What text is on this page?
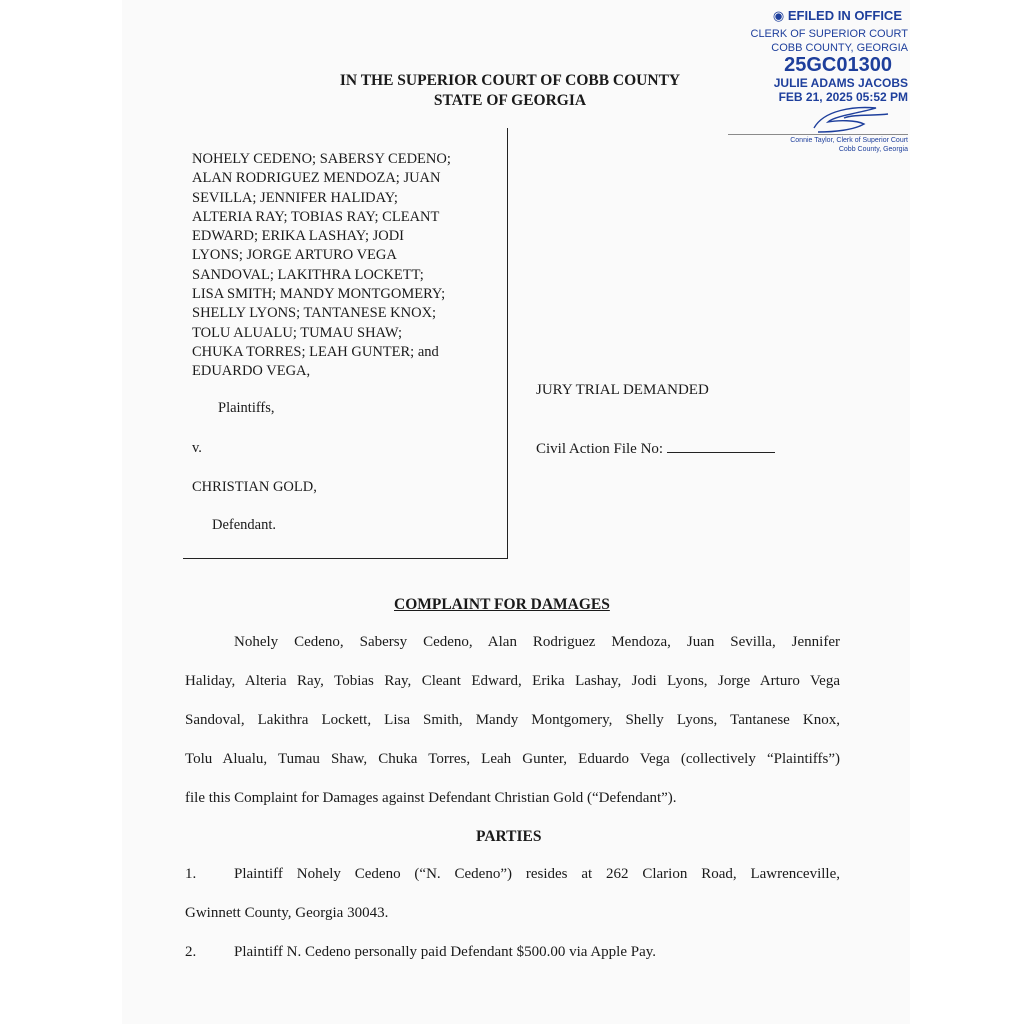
◉ EFILED IN OFFICE
CLERK OF SUPERIOR COURT
COBB COUNTY, GEORGIA
25GC01300
JULIE ADAMS JACOBS
FEB 21, 2025 05:52 PM
Connie Taylor, Clerk of Superior Court
Cobb County, Georgia
IN THE SUPERIOR COURT OF COBB COUNTY
STATE OF GEORGIA
NOHELY CEDENO; SABERSY CEDENO;
ALAN RODRIGUEZ MENDOZA; JUAN
SEVILLA; JENNIFER HALIDAY;
ALTERIA RAY; TOBIAS RAY; CLEANT
EDWARD; ERIKA LASHAY; JODI
LYONS; JORGE ARTURO VEGA
SANDOVAL; LAKITHRA LOCKETT;
LISA SMITH; MANDY MONTGOMERY;
SHELLY LYONS; TANTANESE KNOX;
TOLU ALUALU; TUMAU SHAW;
CHUKA TORRES; LEAH GUNTER; and
EDUARDO VEGA,
Plaintiffs,
v.
CHRISTIAN GOLD,
Defendant.
JURY TRIAL DEMANDED
Civil Action File No:
COMPLAINT FOR DAMAGES
Nohely Cedeno, Sabersy Cedeno, Alan Rodriguez Mendoza, Juan Sevilla, Jennifer
Haliday, Alteria Ray, Tobias Ray, Cleant Edward, Erika Lashay, Jodi Lyons, Jorge Arturo Vega
Sandoval, Lakithra Lockett, Lisa Smith, Mandy Montgomery, Shelly Lyons, Tantanese Knox,
Tolu Alualu, Tumau Shaw, Chuka Torres, Leah Gunter, Eduardo Vega (collectively “Plaintiffs”)
file this Complaint for Damages against Defendant Christian Gold (“Defendant”).
PARTIES
1.	Plaintiff Nohely Cedeno (“N. Cedeno”) resides at 262 Clarion Road, Lawrenceville,
Gwinnett County, Georgia 30043.
2.	Plaintiff N. Cedeno personally paid Defendant $500.00 via Apple Pay.
